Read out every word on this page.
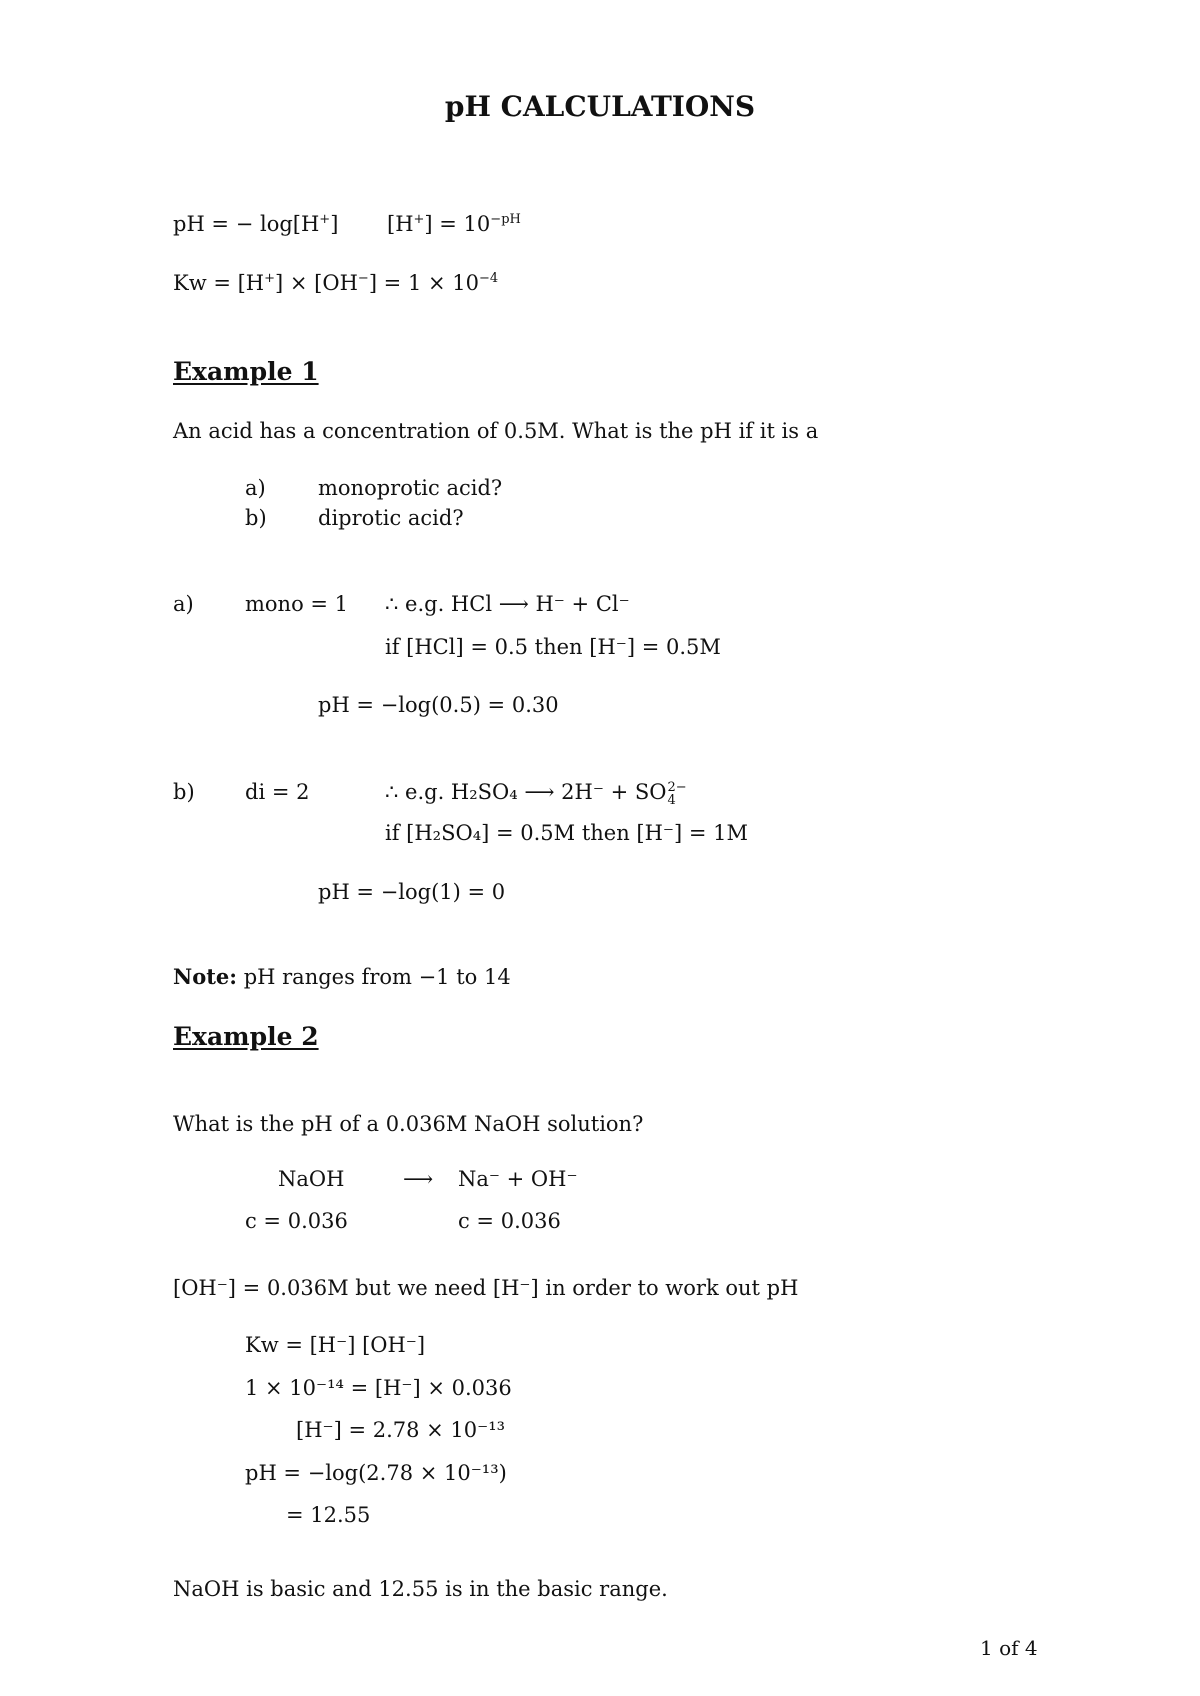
pH CALCULATIONS
pH = − log[H+] $[H^+] = 10^{-pH}$
$Kw = [H^+] \times [OH^-] = 1 \times 10^{-4}$
Example 1
An acid has a concentration of 0.5M. What is the pH if it is a
a) monoprotic acid?
b) diprotic acid?
a) mono = 1 ∴ e.g. HCl ⟶ H⁻ + Cl⁻
if [HCl] = 0.5 then [H⁻] = 0.5M
pH = −log(0.5) = 0.30
b) di = 2	∴ e.g. H₂SO₄ ⟶ 2H⁻ + SO 2−
4
if [H₂SO₄] = 0.5M then [H⁻] = 1M
pH = −log(1) = 0
Note: pH ranges from −1 to 14
Example 2
What is the pH of a 0.036M NaOH solution?
NaOH	⟶ Na⁻ + OH⁻
c = 0.036	c = 0.036
[OH⁻] = 0.036M but we need [H⁻] in order to work out pH
Kw = [H⁻] [OH⁻]
1 × 10⁻¹⁴ = [H⁻] × 0.036
[H⁻] = 2.78 × 10⁻¹³
pH = −log(2.78 × 10⁻¹³)
= 12.55
NaOH is basic and 12.55 is in the basic range.
1 of 4
